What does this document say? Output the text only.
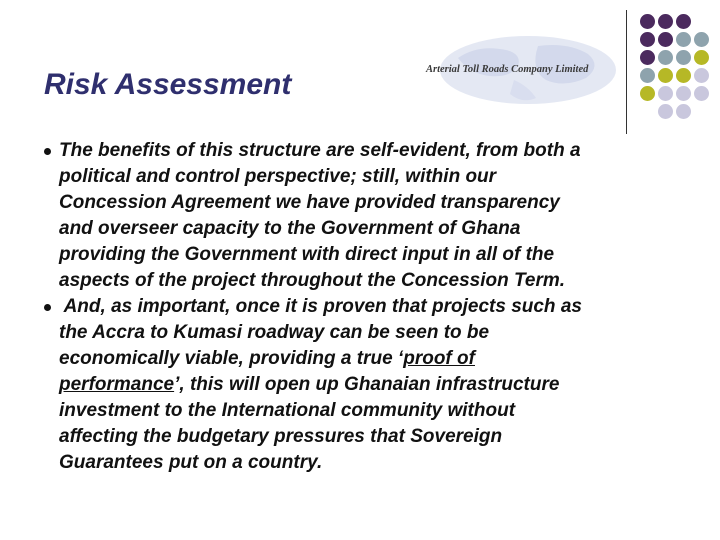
Risk Assessment	Arterial Toll Roads Company Limited
The benefits of this structure are self-evident, from both a
political and control perspective; still, within our
Concession Agreement we have provided transparency
and overseer capacity to the Government of Ghana
providing the Government with direct input in all of the
aspects of the project throughout the Concession Term.
And, as important, once it is proven that projects such as
the Accra to Kumasi roadway can be seen to be
economically viable, providing a true ‘proof of
performance’, this will open up Ghanaian infrastructure
investment to the International community without
affecting the budgetary pressures that Sovereign
Guarantees put on a country.
